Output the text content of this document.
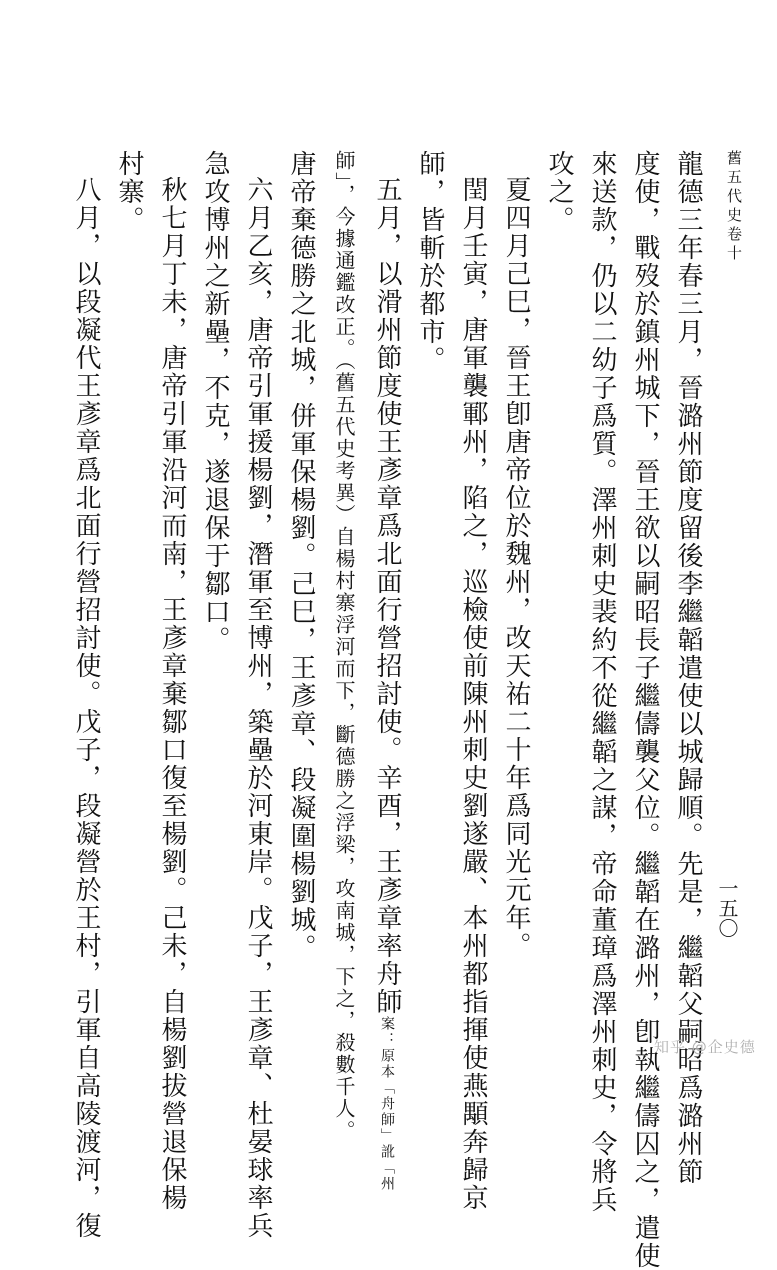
舊五代史卷十
一五〇
龍德三年春三月，晉潞州節度留後李繼韜遣使以城歸順。先是，繼韜父嗣昭爲潞州節
度使，戰歿於鎮州城下，晉王欲以嗣昭長子繼儔襲父位。繼韜在潞州，卽執繼儔囚之，遣使
來送款，仍以二幼子爲質。澤州刺史裴約不從繼韜之謀，帝命董璋爲澤州刺史，令將兵
攻之。
夏四月己巳，晉王卽唐帝位於魏州，改天祐二十年爲同光元年。
閏月壬寅，唐軍襲鄆州，陷之，巡檢使前陳州刺史劉遂嚴、本州都指揮使燕顒奔歸京
師，皆斬於都市。
五月，以滑州節度使王彥章爲北面行營招討使。辛酉，王彥章率舟師案：原本「舟師」訛「州
師」，今據通鑑改正。（舊五代史考異）自楊村寨浮河而下，斷德勝之浮梁，攻南城，下之，殺數千人。
唐帝棄德勝之北城，併軍保楊劉。己巳，王彥章、段凝圍楊劉城。
六月乙亥，唐帝引軍援楊劉，潛軍至博州，築壘於河東岸。戊子，王彥章、杜晏球率兵
急攻博州之新壘，不克，遂退保于鄒口。
秋七月丁未，唐帝引軍沿河而南，王彥章棄鄒口復至楊劉。己未，自楊劉拔營退保楊
村寨。
八月，以段凝代王彥章爲北面行營招討使。戊子，段凝營於王村，引軍自高陵渡河，復	知乎 @企史德
